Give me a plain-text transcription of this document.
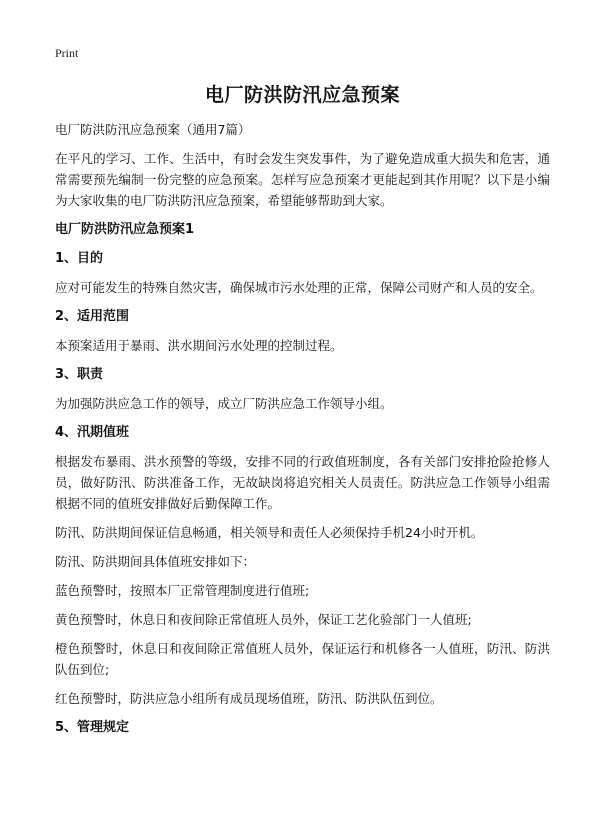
Print
电厂防洪防汛应急预案

电厂防洪防汛应急预案（通用7篇）

在平凡的学习、工作、生活中，有时会发生突发事件，为了避免造成重大损失和危害，通常需要预先编制一份完整的应急预案。怎样写应急预案才更能起到其作用呢？以下是小编为大家收集的电厂防洪防汛应急预案，希望能够帮助到大家。

电厂防洪防汛应急预案1
1、目的

应对可能发生的特殊自然灾害，确保城市污水处理的正常，保障公司财产和人员的安全。

2、适用范围

本预案适用于暴雨、洪水期间污水处理的控制过程。

3、职责

为加强防洪应急工作的领导，成立厂防洪应急工作领导小组。

4、汛期值班

根据发布暴雨、洪水预警的等级，安排不同的行政值班制度，各有关部门安排抢险抢修人员，做好防汛、防洪准备工作，无故缺岗将追究相关人员责任。防洪应急工作领导小组需根据不同的值班安排做好后勤保障工作。

防汛、防洪期间保证信息畅通，相关领导和责任人必须保持手机24小时开机。

防汛、防洪期间具体值班安排如下：

蓝色预警时，按照本厂正常管理制度进行值班;

黄色预警时，休息日和夜间除正常值班人员外，保证工艺化验部门一人值班;

橙色预警时，休息日和夜间除正常值班人员外，保证运行和机修各一人值班，防汛、防洪队伍到位;

红色预警时，防洪应急小组所有成员现场值班，防汛、防洪队伍到位。

5、管理规定
